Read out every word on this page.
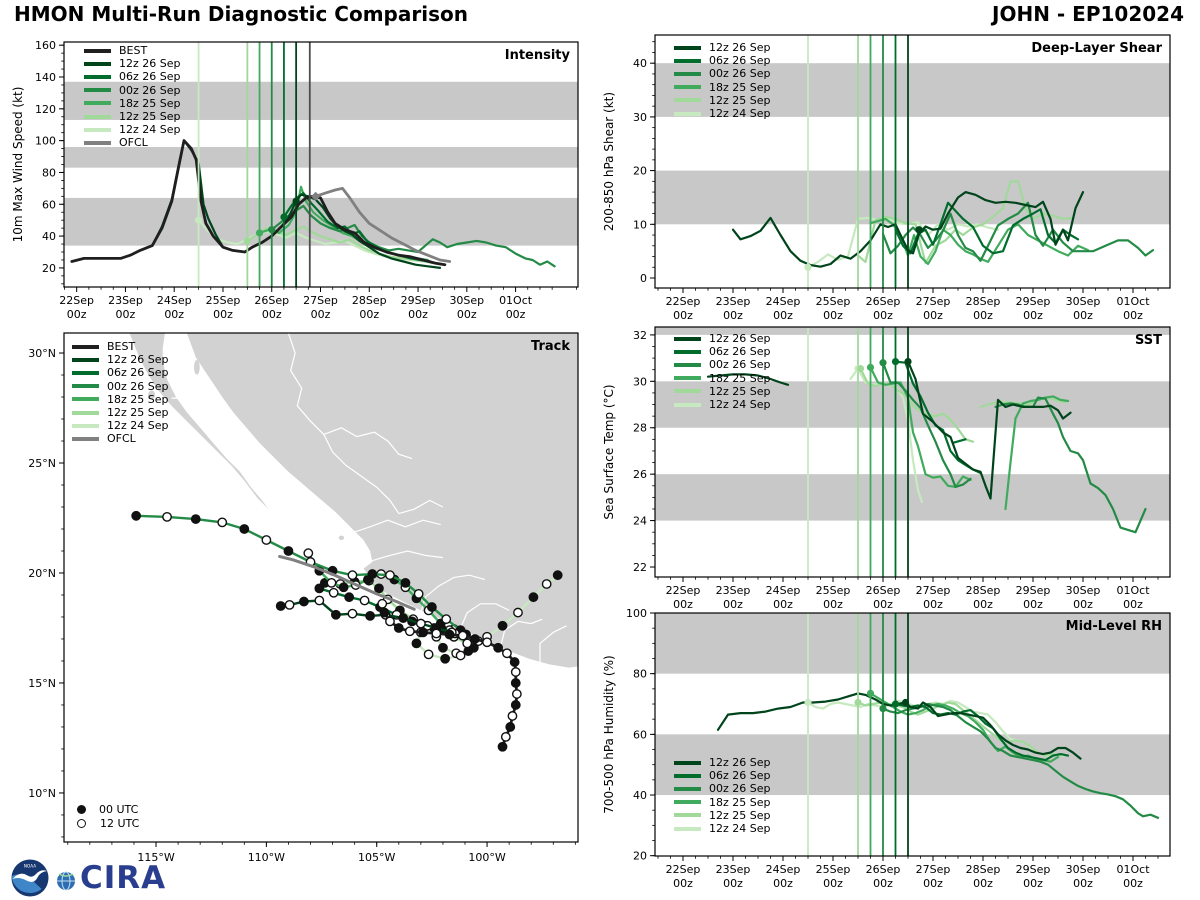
HMON Multi-Run Diagnostic Comparison	JOHN - EP102024
22Sep 00z
23Sep 00z
24Sep 00z
25Sep 00z
26Sep 00z
27Sep 00z
28Sep 00z
29Sep 00z
30Sep 00z
01Oct 00z
20
40
60
80
100
120
140
160
Intensity
10m Max Wind Speed (kt)
22Sep 00z
23Sep 00z
24Sep 00z
25Sep 00z
26Sep 00z
27Sep 00z
28Sep 00z
29Sep 00z
30Sep 00z
01Oct 00z
0
10
20
30
40
Deep-Layer Shear
200-850 hPa Shear (kt)
22Sep 00z
23Sep 00z
24Sep 00z
25Sep 00z
26Sep 00z
27Sep 00z
28Sep 00z
29Sep 00z
30Sep 00z
01Oct 00z
22
24
26
28
30
32	SST
Sea Surface Temp (°C)
22Sep 00z
23Sep 00z
24Sep 00z
25Sep 00z
26Sep 00z
27Sep 00z
28Sep 00z
29Sep 00z
30Sep 00z
01Oct 00z
20
40
60
80
100
Mid-Level RH
700-500 hPa Humidity (%)
115°W	110°W	105°W	100°W
10°N
15°N
20°N
25°N
30°N	Track
BEST
12z 26 Sep
06z 26 Sep
00z 26 Sep
18z 25 Sep
12z 25 Sep
12z 24 Sep
OFCL
BEST
12z 26 Sep
06z 26 Sep
00z 26 Sep
18z 25 Sep
12z 25 Sep
12z 24 Sep
OFCL
12z 26 Sep
06z 26 Sep
00z 26 Sep
18z 25 Sep
12z 25 Sep
12z 24 Sep
12z 26 Sep
06z 26 Sep
00z 26 Sep
18z 25 Sep
12z 25 Sep
12z 24 Sep
12z 26 Sep
06z 26 Sep
00z 26 Sep
18z 25 Sep
12z 25 Sep
12z 24 Sep
00 UTC
12 UTC
NOAA CIRA
